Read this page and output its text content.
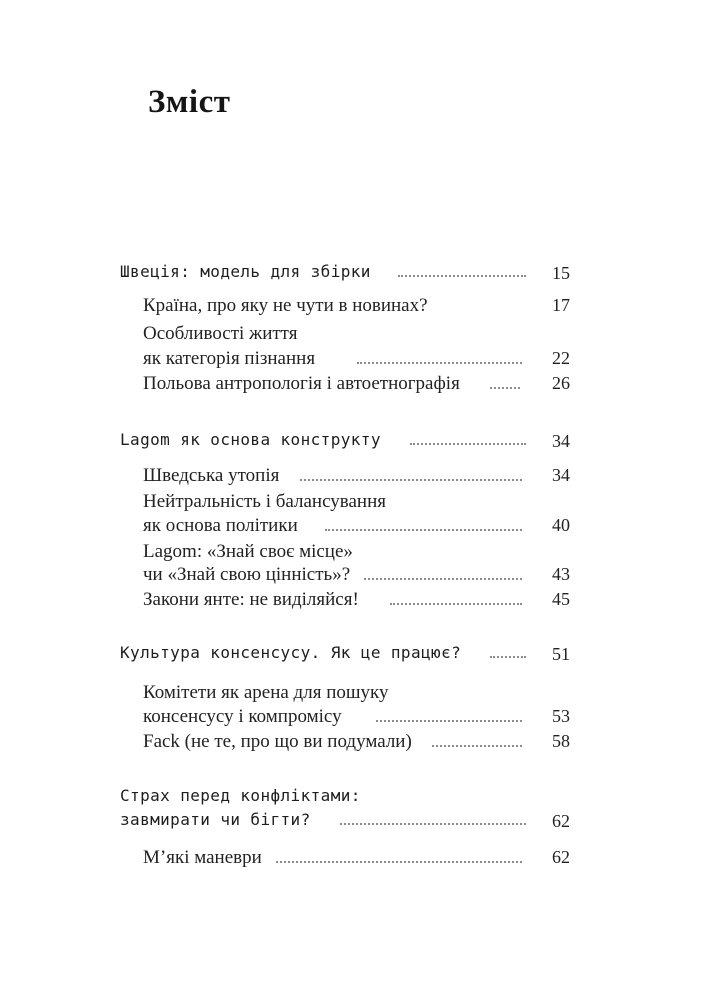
Зміст
Швеція: модель для збірки	15
Країна, про яку не чути в новинах?	17
Особливості життя
як категорія пізнання	22
Польова антропологія і автоетнографія	26
Lagom як основа конструкту	34
Шведська утопія	34
Нейтральність і балансування
як основа політики	40
Lagom: «Знай своє місце»
чи «Знай свою цінність»?	43
Закони янте: не виділяйся!	45
Культура консенсусу. Як це працює?	51
Комітети як арена для пошуку
консенсусу і компромісу	53
Fack (не те, про що ви подумали)	58
Страх перед конфліктами:
завмирати чи бігти?	62
М’які маневри	62
